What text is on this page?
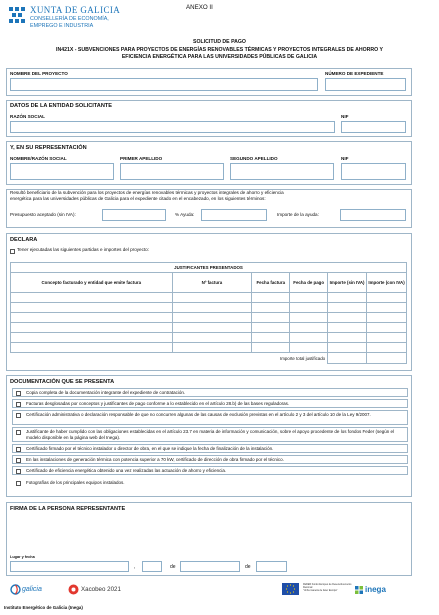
XUNTA DE GALICIA
CONSELLERÍA DE ECONOMÍA,
EMPREGO E INDUSTRIA
ANEXO II
SOLICITUD DE PAGO
IN421X - SUBVENCIONES PARA PROYECTOS DE ENERGÍAS RENOVABLES TÉRMICAS Y PROYECTOS INTEGRALES DE AHORRO Y
EFICIENCIA ENERGÉTICA PARA LAS UNIVERSIDADES PÚBLICAS DE GALICIA
NOMBRE DEL PROYECTO	NÚMERO DE EXPEDIENTE
DATOS DE LA ENTIDAD SOLICITANTE
RAZÓN SOCIAL	NIF
Y, EN SU REPRESENTACIÓN
NOMBRE/RAZÓN SOCIAL	PRIMER APELLIDO	SEGUNDO APELLIDO	NIF
Resultó beneficiario de la subvención para los proyectos de energías renovables térmicas y proyectos integrales de ahorro y eficiencia
energética para las universidades públicas de Galicia para el expediente citado en el encabezado, en los siguientes términos:
Presupuesto aceptado (sin IVA):	% Ayuda:	Importe de la ayuda:
DECLARA
Tener ejecutadas las siguientes partidas e importes del proyecto:
JUSTIFICANTES PRESENTADOS					
Concepto facturado y entidad que emite factura	Nº factura	Fecha factura	Fecha de pago	Importe (sin IVA)	Importe (con IVA)

Importe total justificado					
DOCUMENTACIÓN QUE SE PRESENTA
Copia completa de la documentación integrante del expediente de contratación.
Facturas desglosadas por conceptos y justificantes de pago conforme a lo establecido en el artículo 28.b) de las bases reguladoras.
Certificación administrativa o declaración responsable de que no concurren algunas de las causas de exclusión previstas en el artículo 2 y 3 del artículo 10 de la Ley 9/2007.
Justificante de haber cumplido con las obligaciones establecidas en el artículo 23.7 en materia de información y comunicación, sobre el apoyo procedente de los fondos Feder (según el modelo disponible en la página web del Inega).
Certificado firmado por el técnico instalador o director de obra, en el que se indique la fecha de finalización de la instalación.
En las instalaciones de generación térmica con potencia superior a 70 kW, certificado de dirección de obra firmado por el técnico.
Certificado de eficiencia energética obtenido una vez realizadas las actuación de ahorro y eficiencia.
Fotografías de los principales equipos instalados.
FIRMA DE LA PERSONA REPRESENTANTE
Lugar y fecha
,	de	de
galicia	Xacobeo 2021
FEDER Fondo Europeo de Desenvolvemento
Rexional
"Unha maneira de facer Europa"	inega
Instituto Energético de Galicia (Inega)
